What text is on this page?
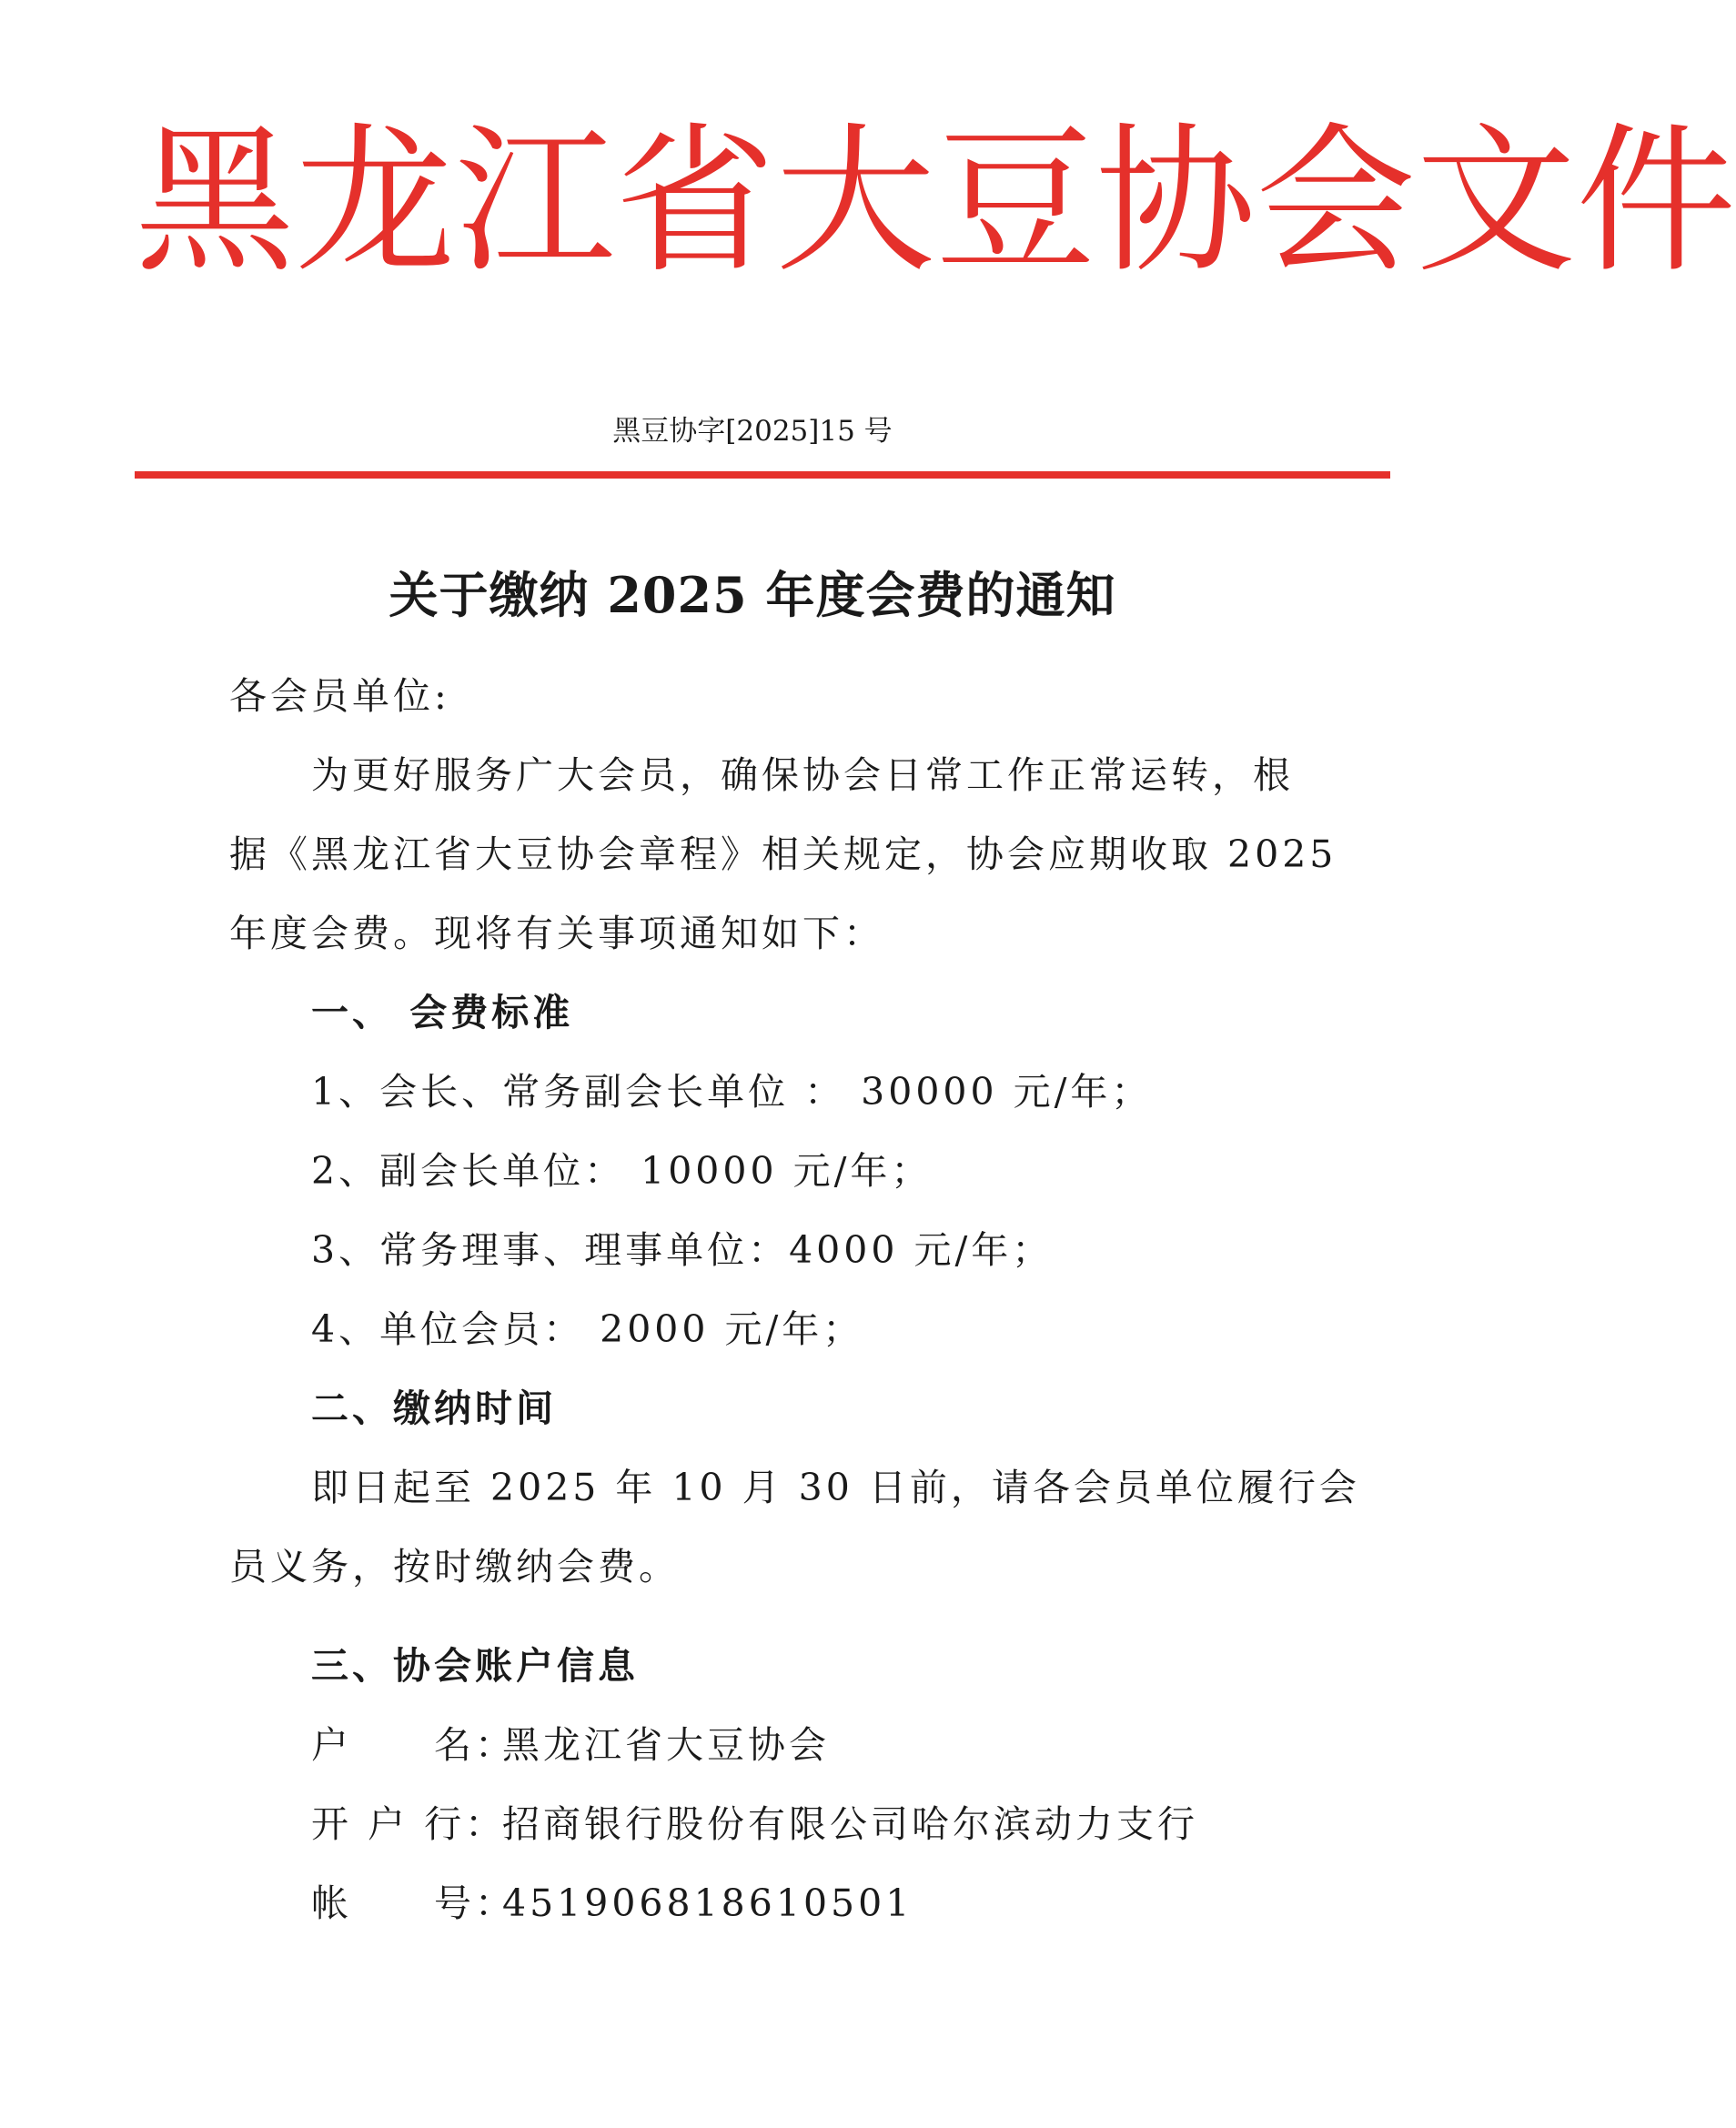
黑 龙 江 省 大 豆 协 会 文 件
黑豆协字[2025]15 号
关于缴纳 2025 年度会费的通知
各会员单位:
为更好服务广大会员，确保协会日常工作正常运转，根
据《黑龙江省大豆协会章程》相关规定，协会应期收取 2025
年度会费。现将有关事项通知如下：
一、 会费标准
1、会长、常务副会长单位 ： 30000 元/年；
2、副会长单位： 10000 元/年；
3、常务理事、理事单位：4000 元/年；
4、单位会员： 2000 元/年；
二、缴纳时间
即日起至 2025 年 10 月 30 日前，请各会员单位履行会
员义务，按时缴纳会费。
三、协会账户信息
户　　名：黑龙江省大豆协会
开 户 行：招商银行股份有限公司哈尔滨动力支行
帐　　号：451906818610501
